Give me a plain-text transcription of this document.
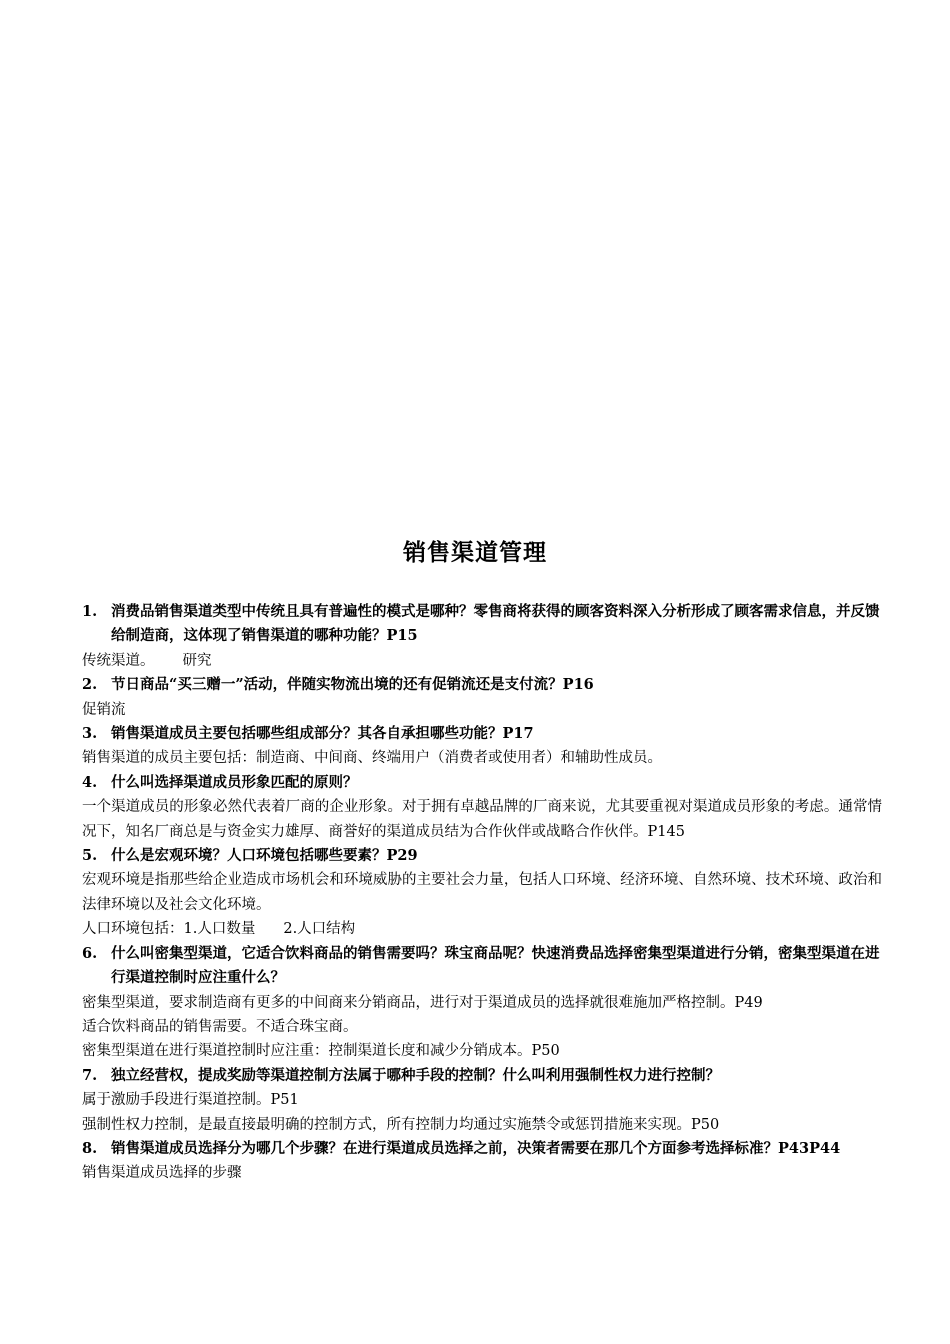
销售渠道管理
1. 消费品销售渠道类型中传统且具有普遍性的模式是哪种？零售商将获得的顾客资料深入分析形成了顾客需求信息，并反馈给制造商，这体现了销售渠道的哪种功能？P15
传统渠道。 研究
2. 节日商品“买三赠一”活动，伴随实物流出境的还有促销流还是支付流？P16
促销流
3. 销售渠道成员主要包括哪些组成部分？其各自承担哪些功能？P17
销售渠道的成员主要包括：制造商、中间商、终端用户（消费者或使用者）和辅助性成员。
4. 什么叫选择渠道成员形象匹配的原则？
一个渠道成员的形象必然代表着厂商的企业形象。对于拥有卓越品牌的厂商来说，尤其要重视对渠道成员形象的考虑。通常情况下，知名厂商总是与资金实力雄厚、商誉好的渠道成员结为合作伙伴或战略合作伙伴。P145
5. 什么是宏观环境？人口环境包括哪些要素？P29
宏观环境是指那些给企业造成市场机会和环境威胁的主要社会力量，包括人口环境、经济环境、自然环境、技术环境、政治和法律环境以及社会文化环境。
人口环境包括：1.人口数量 2.人口结构
6. 什么叫密集型渠道，它适合饮料商品的销售需要吗？珠宝商品呢？快速消费品选择密集型渠道进行分销，密集型渠道在进行渠道控制时应注重什么？
密集型渠道，要求制造商有更多的中间商来分销商品，进行对于渠道成员的选择就很难施加严格控制。P49
适合饮料商品的销售需要。不适合珠宝商。
密集型渠道在进行渠道控制时应注重：控制渠道长度和减少分销成本。P50
7. 独立经营权，提成奖励等渠道控制方法属于哪种手段的控制？什么叫利用强制性权力进行控制？
属于激励手段进行渠道控制。P51
强制性权力控制，是最直接最明确的控制方式，所有控制力均通过实施禁令或惩罚措施来实现。P50
8. 销售渠道成员选择分为哪几个步骤？在进行渠道成员选择之前，决策者需要在那几个方面参考选择标准？P43P44
销售渠道成员选择的步骤
